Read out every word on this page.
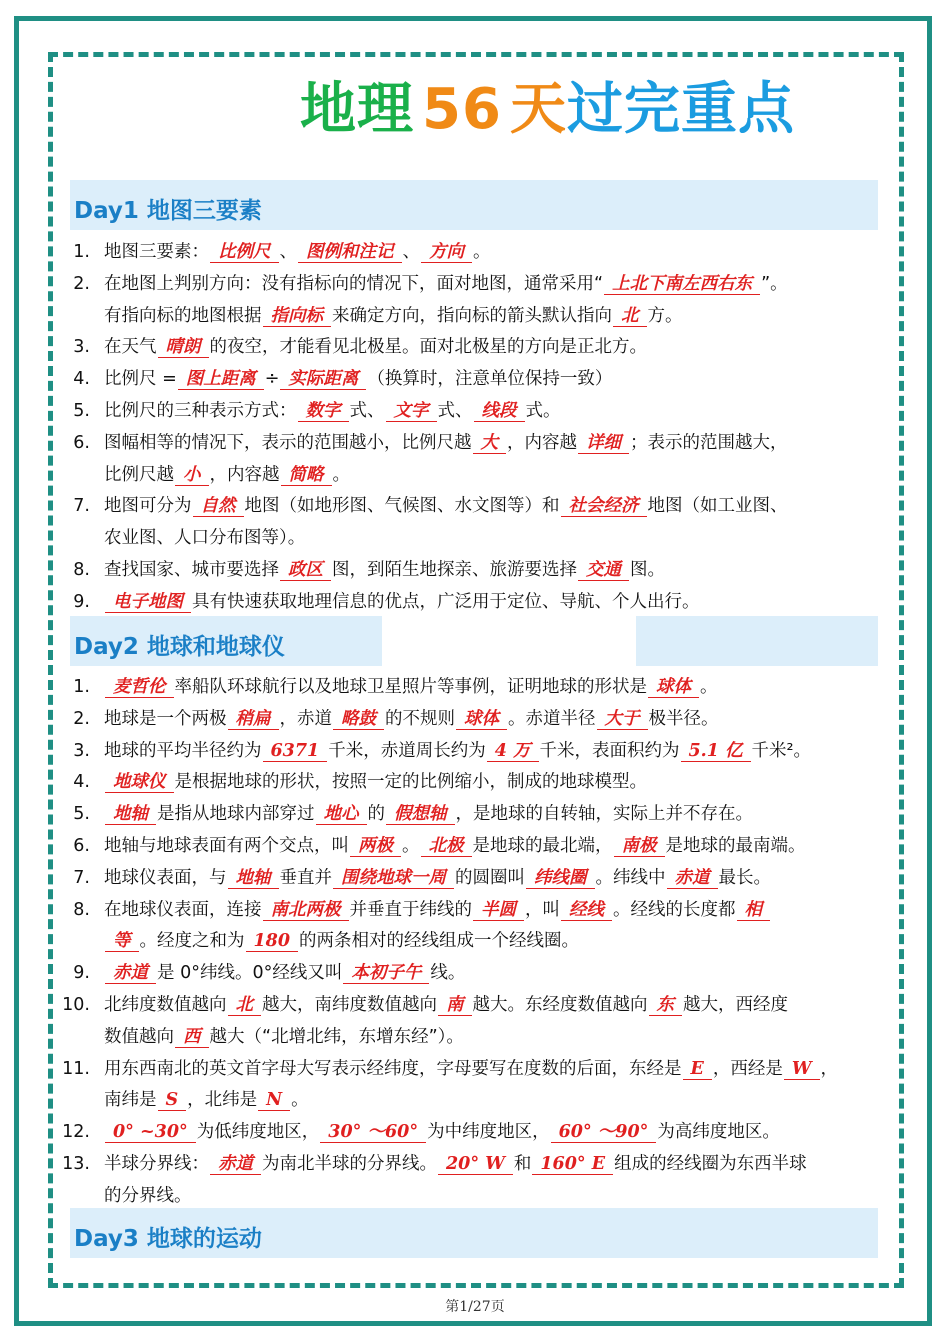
地理 56 天过完重点
Day1 地图三要素
Day2 地球和地球仪
Day3 地球的运动
1. 地图三要素： 比例尺 、 图例和注记 、 方向 。
2. 在地图上判别方向：没有指标向的情况下，面对地图，通常采用“ 上北下南左西右东 ”。
有指向标的地图根据 指向标 来确定方向，指向标的箭头默认指向 北 方。
3. 在天气 晴朗 的夜空，才能看见北极星。面对北极星的方向是正北方。
4. 比例尺 = 图上距离 ÷ 实际距离 （换算时，注意单位保持一致）
5. 比例尺的三种表示方式： 数字 式、 文字 式、 线段 式。
6. 图幅相等的情况下，表示的范围越小，比例尺越 大 ，内容越 详细 ；表示的范围越大，
比例尺越 小 ，内容越 简略 。
7. 地图可分为 自然 地图（如地形图、气候图、水文图等）和 社会经济 地图（如工业图、
农业图、人口分布图等）。
8. 查找国家、城市要选择 政区 图，到陌生地探亲、旅游要选择 交通 图。
9.	电子地图 具有快速获取地理信息的优点，广泛用于定位、导航、个人出行。
1.	麦哲伦 率船队环球航行以及地球卫星照片等事例，证明地球的形状是 球体 。
2. 地球是一个两极 稍扁 ，赤道 略鼓 的不规则 球体 。赤道半径 大于 极半径。
3. 地球的平均半径约为 6371 千米，赤道周长约为 4 万 千米，表面积约为 5.1 亿 千米²。
4.	地球仪 是根据地球的形状，按照一定的比例缩小，制成的地球模型。
5.	地轴 是指从地球内部穿过 地心 的 假想轴 ，是地球的自转轴，实际上并不存在。
6. 地轴与地球表面有两个交点，叫 两极 。 北极 是地球的最北端， 南极 是地球的最南端。
7. 地球仪表面，与 地轴 垂直并 围绕地球一周 的圆圈叫 纬线圈 。纬线中 赤道 最长。
8. 在地球仪表面，连接 南北两极 并垂直于纬线的 半圆 ，叫 经线 。经线的长度都 相
等 。经度之和为 180 的两条相对的经线组成一个经线圈。
9.	赤道 是 0°纬线。0°经线又叫 本初子午 线。
10. 北纬度数值越向 北 越大，南纬度数值越向 南 越大。东经度数值越向 东 越大，西经度
数值越向 西 越大（“北增北纬，东增东经”）。
11. 用东西南北的英文首字母大写表示经纬度，字母要写在度数的后面，东经是 E ，西经是 W ，
南纬是 S ，北纬是 N 。
12.	0° ~30° 为低纬度地区， 30° ～60° 为中纬度地区， 60° ～90° 为高纬度地区。
13. 半球分界线： 赤道 为南北半球的分界线。 20° W 和 160° E 组成的经线圈为东西半球
的分界线。
第1/27页
